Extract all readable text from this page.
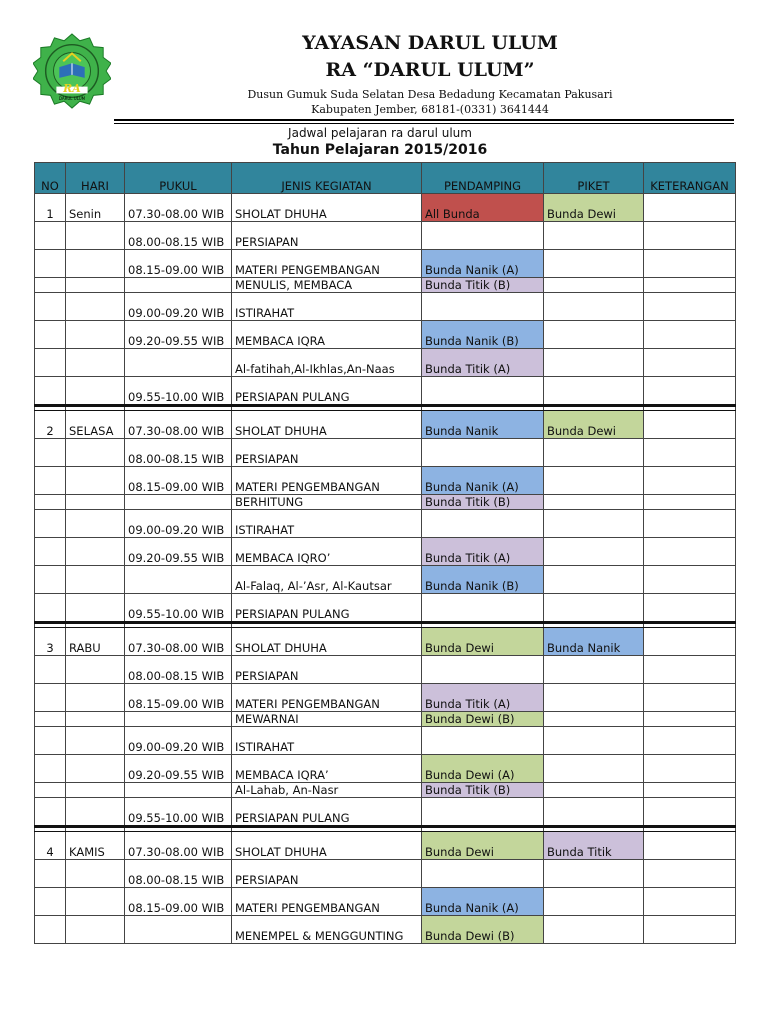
RA
DARUL ULUM
YAYASAN DARUL ULUM
RA “DARUL ULUM”
Dusun Gumuk Suda Selatan Desa Bedadung Kecamatan Pakusari
Kabupaten Jember, 68181-(0331) 3641444
Jadwal pelajaran ra darul ulum
Tahun Pelajaran 2015/2016
NO	HARI	PUKUL	JENIS KEGIATAN	PENDAMPING	PIKET	KETERANGAN
1	Senin	07.30-08.00 WIB	SHOLAT DHUHA	All Bunda	Bunda Dewi	
		08.00-08.15 WIB	PERSIAPAN			
		08.15-09.00 WIB	MATERI PENGEMBANGAN	Bunda Nanik (A)		
			MENULIS, MEMBACA	Bunda Titik (B)		
		09.00-09.20 WIB	ISTIRAHAT			
		09.20-09.55 WIB	MEMBACA IQRA	Bunda Nanik (B)		
			Al-fatihah,Al-Ikhlas,An-Naas	Bunda Titik (A)		
		09.55-10.00 WIB	PERSIAPAN PULANG			

2	SELASA	07.30-08.00 WIB	SHOLAT DHUHA	Bunda Nanik	Bunda Dewi	
		08.00-08.15 WIB	PERSIAPAN			
		08.15-09.00 WIB	MATERI PENGEMBANGAN	Bunda Nanik (A)		
			BERHITUNG	Bunda Titik (B)		
		09.00-09.20 WIB	ISTIRAHAT			
		09.20-09.55 WIB	MEMBACA IQRO’	Bunda Titik (A)		
			Al-Falaq, Al-’Asr, Al-Kautsar	Bunda Nanik (B)		
		09.55-10.00 WIB	PERSIAPAN PULANG			

3	RABU	07.30-08.00 WIB	SHOLAT DHUHA	Bunda Dewi	Bunda Nanik	
		08.00-08.15 WIB	PERSIAPAN			
		08.15-09.00 WIB	MATERI PENGEMBANGAN	Bunda Titik (A)		
			MEWARNAI	Bunda Dewi (B)		
		09.00-09.20 WIB	ISTIRAHAT			
		09.20-09.55 WIB	MEMBACA IQRA’	Bunda Dewi (A)		
			Al-Lahab, An-Nasr	Bunda Titik (B)		
		09.55-10.00 WIB	PERSIAPAN PULANG			

4	KAMIS	07.30-08.00 WIB	SHOLAT DHUHA	Bunda Dewi	Bunda Titik	
		08.00-08.15 WIB	PERSIAPAN			
		08.15-09.00 WIB	MATERI PENGEMBANGAN	Bunda Nanik (A)		
			MENEMPEL & MENGGUNTING	Bunda Dewi (B)		
